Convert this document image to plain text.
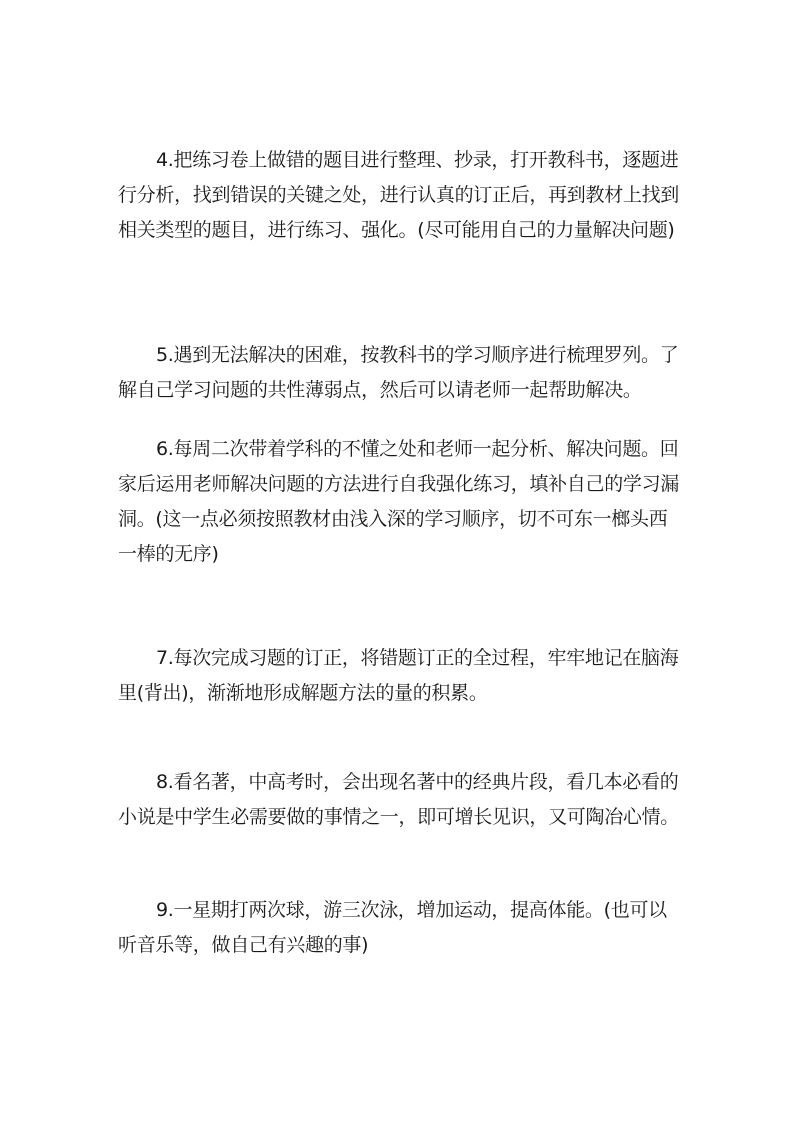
4.把练习卷上做错的题目进行整理、抄录，打开教科书，逐题进行分析，找到错误的关键之处，进行认真的订正后，再到教材上找到相关类型的题目，进行练习、强化。(尽可能用自己的力量解决问题)

5.遇到无法解决的困难，按教科书的学习顺序进行梳理罗列。了解自己学习问题的共性薄弱点，然后可以请老师一起帮助解决。

6.每周二次带着学科的不懂之处和老师一起分析、解决问题。回家后运用老师解决问题的方法进行自我强化练习，填补自己的学习漏洞。(这一点必须按照教材由浅入深的学习顺序，切不可东一榔头西一棒的无序)

7.每次完成习题的订正，将错题订正的全过程，牢牢地记在脑海里(背出)，渐渐地形成解题方法的量的积累。

8.看名著，中高考时，会出现名著中的经典片段，看几本必看的小说是中学生必需要做的事情之一，即可增长见识，又可陶冶心情。

9.一星期打两次球，游三次泳，增加运动，提高体能。(也可以听音乐等，做自己有兴趣的事)
